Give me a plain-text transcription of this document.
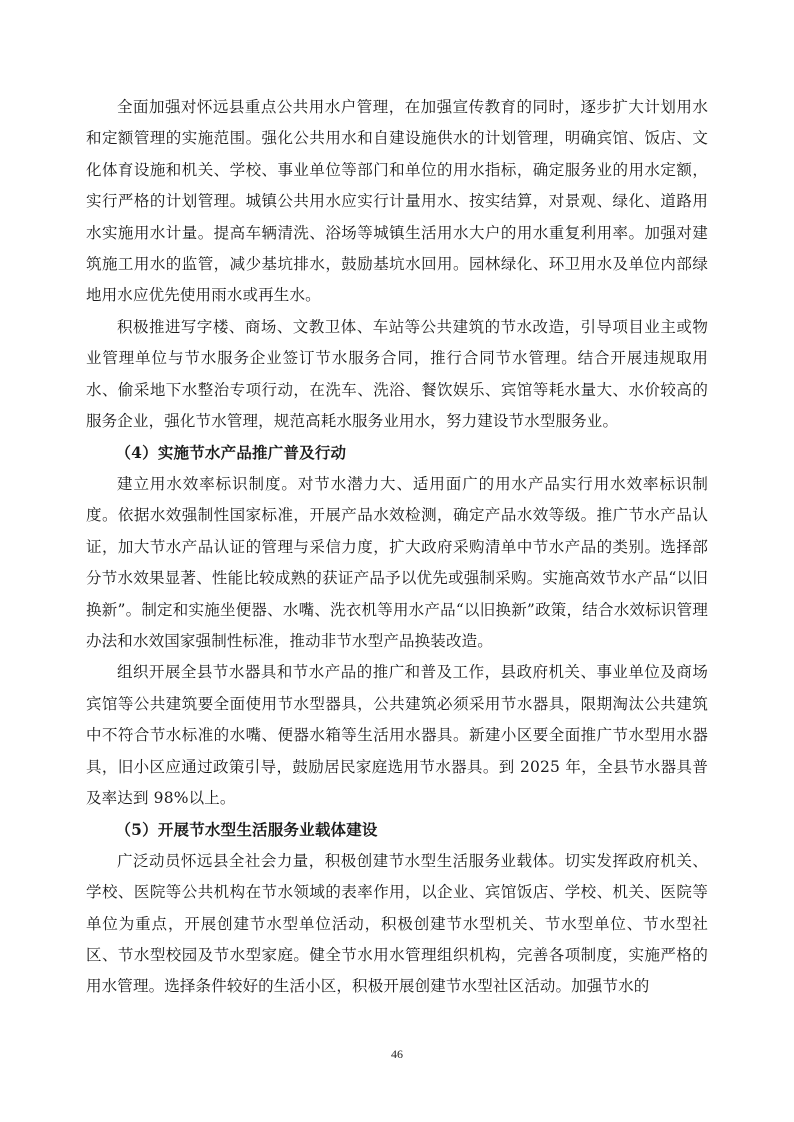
全面加强对怀远县重点公共用水户管理，在加强宣传教育的同时，逐步扩大计划用水和定额管理的实施范围。强化公共用水和自建设施供水的计划管理，明确宾馆、饭店、文化体育设施和机关、学校、事业单位等部门和单位的用水指标，确定服务业的用水定额，实行严格的计划管理。城镇公共用水应实行计量用水、按实结算，对景观、绿化、道路用水实施用水计量。提高车辆清洗、浴场等城镇生活用水大户的用水重复利用率。加强对建筑施工用水的监管，减少基坑排水，鼓励基坑水回用。园林绿化、环卫用水及单位内部绿地用水应优先使用雨水或再生水。

积极推进写字楼、商场、文教卫体、车站等公共建筑的节水改造，引导项目业主或物业管理单位与节水服务企业签订节水服务合同，推行合同节水管理。结合开展违规取用水、偷采地下水整治专项行动，在洗车、洗浴、餐饮娱乐、宾馆等耗水量大、水价较高的服务企业，强化节水管理，规范高耗水服务业用水，努力建设节水型服务业。

（4）实施节水产品推广普及行动

建立用水效率标识制度。对节水潜力大、适用面广的用水产品实行用水效率标识制度。依据水效强制性国家标准，开展产品水效检测，确定产品水效等级。推广节水产品认证，加大节水产品认证的管理与采信力度，扩大政府采购清单中节水产品的类别。选择部分节水效果显著、性能比较成熟的获证产品予以优先或强制采购。实施高效节水产品“以旧换新”。制定和实施坐便器、水嘴、洗衣机等用水产品“以旧换新”政策，结合水效标识管理办法和水效国家强制性标准，推动非节水型产品换装改造。

组织开展全县节水器具和节水产品的推广和普及工作，县政府机关、事业单位及商场宾馆等公共建筑要全面使用节水型器具，公共建筑必须采用节水器具，限期淘汰公共建筑中不符合节水标准的水嘴、便器水箱等生活用水器具。新建小区要全面推广节水型用水器具，旧小区应通过政策引导，鼓励居民家庭选用节水器具。到 2025 年，全县节水器具普及率达到 98%以上。

（5）开展节水型生活服务业载体建设

广泛动员怀远县全社会力量，积极创建节水型生活服务业载体。切实发挥政府机关、学校、医院等公共机构在节水领域的表率作用，以企业、宾馆饭店、学校、机关、医院等单位为重点，开展创建节水型单位活动，积极创建节水型机关、节水型单位、节水型社区、节水型校园及节水型家庭。健全节水用水管理组织机构，完善各项制度，实施严格的用水管理。选择条件较好的生活小区，积极开展创建节水型社区活动。加强节水的

46
